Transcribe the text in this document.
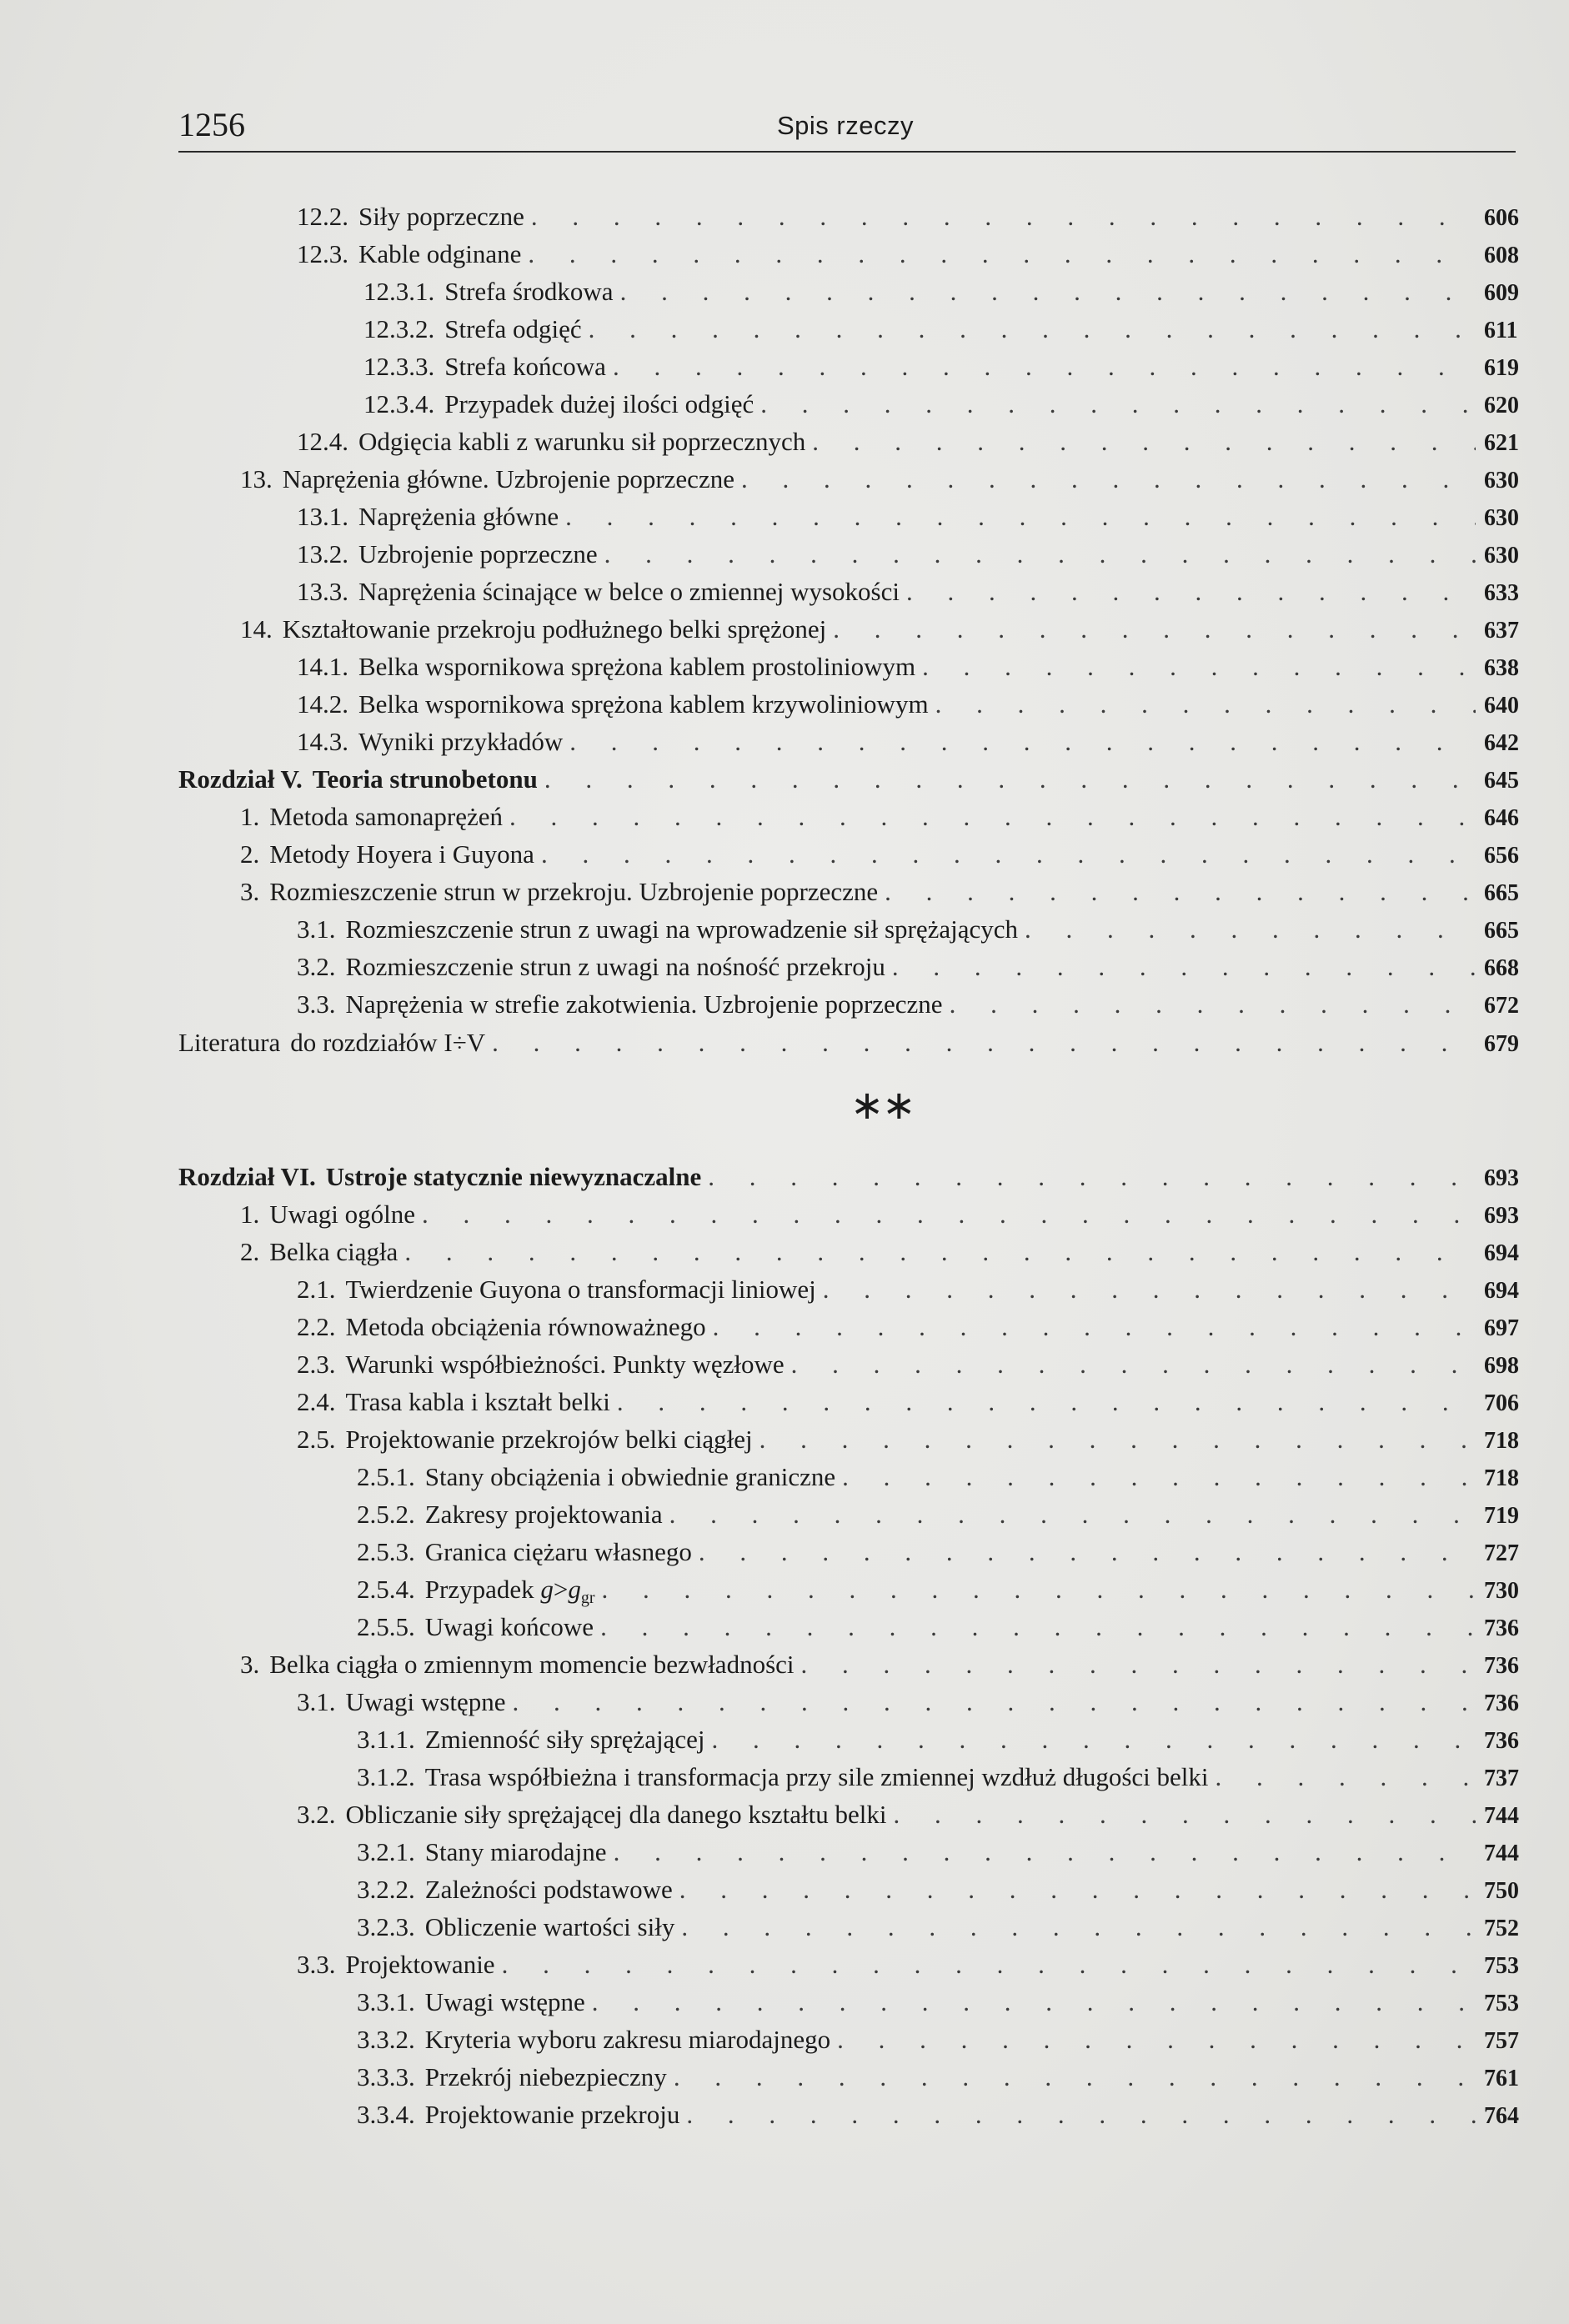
1256	Spis rzeczy
12.2. Siły poprzeczne . . .	606
12.3. Kable odginane . . .	608
12.3.1. Strefa środkowa . . .	609
12.3.2. Strefa odgięć . . .	611
12.3.3. Strefa końcowa . . .	619
12.3.4. Przypadek dużej ilości odgięć . . .	620
12.4. Odgięcia kabli z warunku sił poprzecznych . . .	621
13. Naprężenia główne. Uzbrojenie poprzeczne . . .	630
13.1. Naprężenia główne . . .	630
13.2. Uzbrojenie poprzeczne . . .	630
13.3. Naprężenia ścinające w belce o zmiennej wysokości . . .	633
14. Kształtowanie przekroju podłużnego belki sprężonej . . .	637
14.1. Belka wspornikowa sprężona kablem prostoliniowym . . .	638
14.2. Belka wspornikowa sprężona kablem krzywoliniowym . . .	640
14.3. Wyniki przykładów . . .	642
Rozdział V. Teoria strunobetonu . . .	645
1. Metoda samonaprężeń . . .	646
2. Metody Hoyera i Guyona . . .	656
3. Rozmieszczenie strun w przekroju. Uzbrojenie poprzeczne . . .	665
3.1. Rozmieszczenie strun z uwagi na wprowadzenie sił sprężających . . .	665
3.2. Rozmieszczenie strun z uwagi na nośność przekroju . . .	668
3.3. Naprężenia w strefie zakotwienia. Uzbrojenie poprzeczne . . .	672
Literatura do rozdziałów I÷V . . .	679
∗∗
Rozdział VI. Ustroje statycznie niewyznaczalne . . .	693
1. Uwagi ogólne . . .	693
2. Belka ciągła . . .	694
2.1. Twierdzenie Guyona o transformacji liniowej . . .	694
2.2. Metoda obciążenia równoważnego . . .	697
2.3. Warunki współbieżności. Punkty węzłowe . . .	698
2.4. Trasa kabla i kształt belki . . .	706
2.5. Projektowanie przekrojów belki ciągłej . . .	718
2.5.1. Stany obciążenia i obwiednie graniczne . . .	718
2.5.2. Zakresy projektowania . . .	719
2.5.3. Granica ciężaru własnego . . .	727
2.5.4. Przypadek $g>g_{gr}$ . . .	730
2.5.5. Uwagi końcowe . . .	736
3. Belka ciągła o zmiennym momencie bezwładności . . .	736
3.1. Uwagi wstępne . . .	736
3.1.1. Zmienność siły sprężającej . . .	736
3.1.2. Trasa współbieżna i transformacja przy sile zmiennej wzdłuż długości belki . . .	737
3.2. Obliczanie siły sprężającej dla danego kształtu belki . . .	744
3.2.1. Stany miarodajne . . .	744
3.2.2. Zależności podstawowe . . .	750
3.2.3. Obliczenie wartości siły . . .	752
3.3. Projektowanie . . .	753
3.3.1. Uwagi wstępne . . .	753
3.3.2. Kryteria wyboru zakresu miarodajnego . . .	757
3.3.3. Przekrój niebezpieczny . . .	761
3.3.4. Projektowanie przekroju . . .	764
